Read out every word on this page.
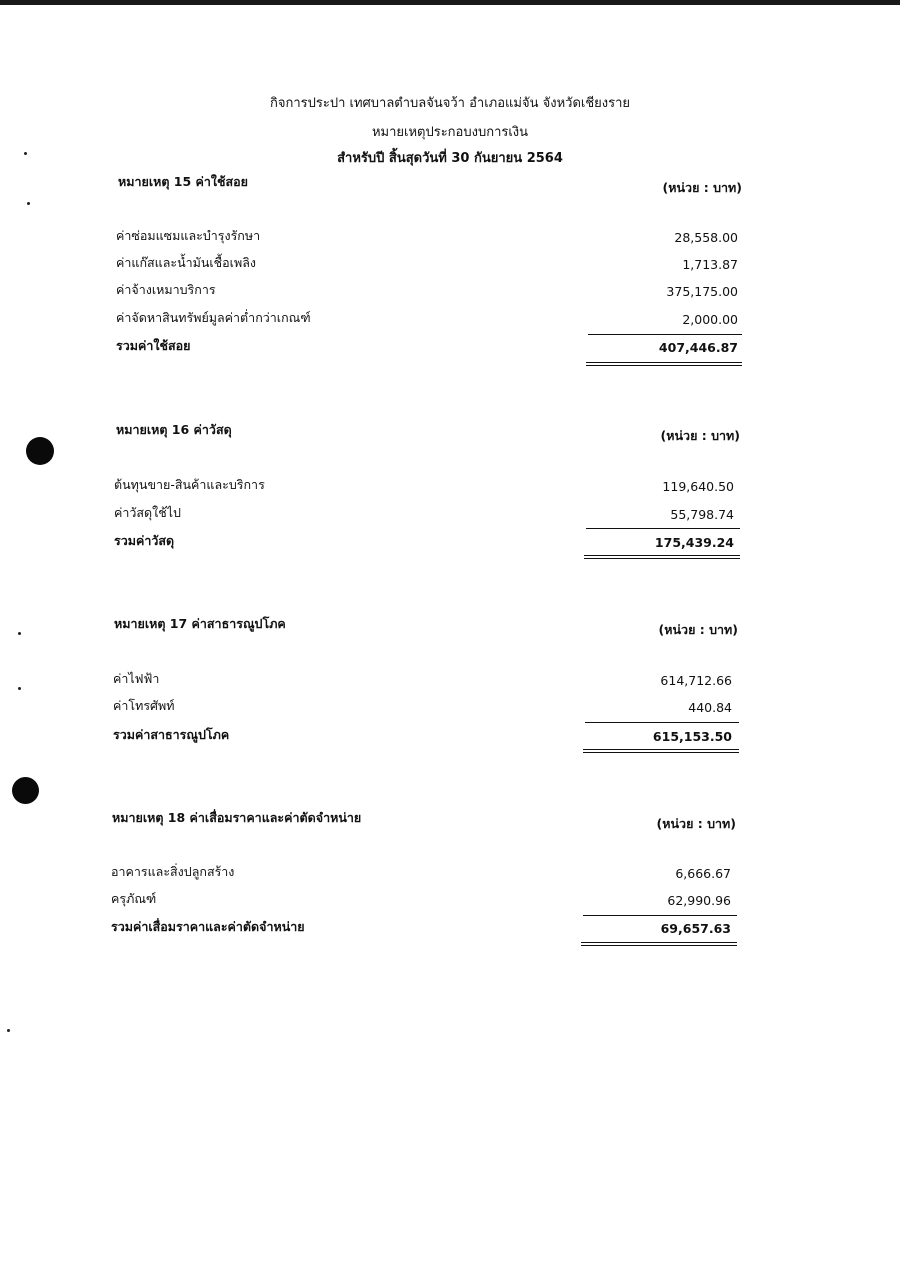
กิจการประปา เทศบาลตำบลจันจว้า อำเภอแม่จัน จังหวัดเชียงราย
หมายเหตุประกอบงบการเงิน
สำหรับปี สิ้นสุดวันที่ 30 กันยายน 2564
หมายเหตุ 15 ค่าใช้สอย	(หน่วย : บาท)
ค่าซ่อมแซมและบำรุงรักษา	28,558.00
ค่าแก๊สและน้ำมันเชื้อเพลิง	1,713.87
ค่าจ้างเหมาบริการ	375,175.00
ค่าจัดหาสินทรัพย์มูลค่าต่ำกว่าเกณฑ์	2,000.00
รวมค่าใช้สอย	407,446.87
หมายเหตุ 16 ค่าวัสดุ	(หน่วย : บาท)
ต้นทุนขาย-สินค้าและบริการ	119,640.50
ค่าวัสดุใช้ไป	55,798.74
รวมค่าวัสดุ	175,439.24
หมายเหตุ 17 ค่าสาธารณูปโภค	(หน่วย : บาท)
ค่าไฟฟ้า	614,712.66
ค่าโทรศัพท์	440.84
รวมค่าสาธารณูปโภค	615,153.50
หมายเหตุ 18 ค่าเสื่อมราคาและค่าตัดจำหน่าย	(หน่วย : บาท)
อาคารและสิ่งปลูกสร้าง	6,666.67
ครุภัณฑ์	62,990.96
รวมค่าเสื่อมราคาและค่าตัดจำหน่าย	69,657.63
